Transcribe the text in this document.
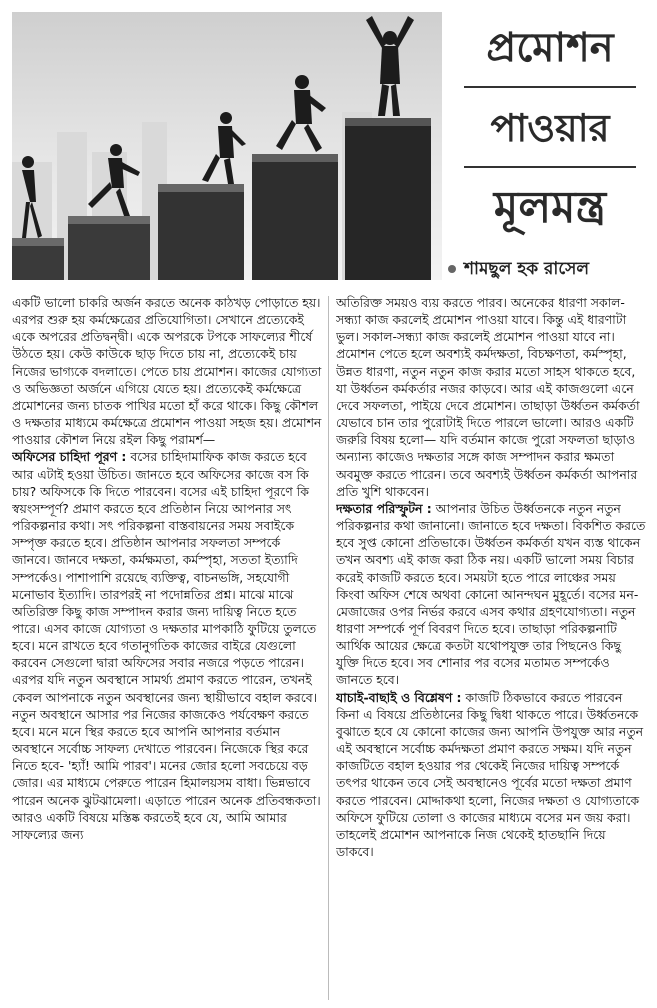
প্রমোশন
পাওয়ার
মূলমন্ত্র
শামছুল হক রাসেল

একটি ভালো চাকরি অর্জন করতে অনেক কাঠখড় পোড়াতে হয়। এরপর শুরু হয় কর্মক্ষেত্রের প্রতিযোগিতা। সেখানে প্রত্যেকেই একে অপরের প্রতিদ্বন্দ্বী। একে অপরকে টপকে সাফল্যের শীর্ষে উঠতে হয়। কেউ কাউকে ছাড় দিতে চায় না, প্রত্যেকেই চায় নিজের ভাগ্যকে বদলাতে। পেতে চায় প্রমোশন। কাজের যোগ্যতা ও অভিজ্ঞতা অর্জনে এগিয়ে যেতে হয়। প্রত্যেকেই কর্মক্ষেত্রে প্রমোশনের জন্য চাতক পাখির মতো হাঁ করে থাকে। কিছু কৌশল ও দক্ষতার মাধ্যমে কর্মক্ষেত্রে প্রমোশন পাওয়া সহজ হয়। প্রমোশন পাওয়ার কৌশল নিয়ে রইল কিছু পরামর্শ—

অফিসের চাহিদা পূরণ : বসের চাহিদামাফিক কাজ করতে হবে আর এটাই হওয়া উচিত। জানতে হবে অফিসের কাজে বস কি চায়? অফিসকে কি দিতে পারবেন। বসের এই চাহিদা পূরণে কি স্বয়ংসম্পূর্ণ? প্রমাণ করতে হবে প্রতিষ্ঠান নিয়ে আপনার সৎ পরিকল্পনার কথা। সৎ পরিকল্পনা বাস্তবায়নের সময় সবাইকে সম্পৃক্ত করতে হবে। প্রতিষ্ঠান আপনার সফলতা সম্পর্কে জানবে। জানবে দক্ষতা, কর্মক্ষমতা, কর্মস্পৃহা, সততা ইত্যাদি সম্পর্কেও। পাশাপাশি রয়েছে ব্যক্তিত্ব, বাচনভঙ্গি, সহযোগী মনোভাব ইত্যাদি। তারপরই না পদোন্নতির প্রশ্ন। মাঝে মাঝে অতিরিক্ত কিছু কাজ সম্পাদন করার জন্য দায়িত্ব নিতে হতে পারে। এসব কাজে যোগ্যতা ও দক্ষতার মাপকাঠি ফুটিয়ে তুলতে হবে। মনে রাখতে হবে গতানুগতিক কাজের বাইরে যেগুলো করবেন সেগুলো দ্বারা অফিসের সবার নজরে পড়তে পারেন। এরপর যদি নতুন অবস্থানে সামর্থ্য প্রমাণ করতে পারেন, তখনই কেবল আপনাকে নতুন অবস্থানের জন্য স্থায়ীভাবে বহাল করবে। নতুন অবস্থানে আসার পর নিজের কাজকেও পর্যবেক্ষণ করতে হবে। মনে মনে স্থির করতে হবে আপনি আপনার বর্তমান অবস্থানে সর্বোচ্চ সাফল্য দেখাতে পারবেন। নিজেকে স্থির করে নিতে হবে- 'হ্যাঁ! আমি পারব'। মনের জোর হলো সবচেয়ে বড় জোর। এর মাধ্যমে পেরুতে পারেন হিমালয়সম বাধা। ভিন্নভাবে পারেন অনেক ঝুটঝামেলা। এড়াতে পারেন অনেক প্রতিবন্ধকতা। আরও একটি বিষয়ে মস্তিষ্ক করতেই হবে যে, আমি আমার সাফল্যের জন্য

অতিরিক্ত সময়ও ব্যয় করতে পারব। অনেকের ধারণা সকাল-সন্ধ্যা কাজ করলেই প্রমোশন পাওয়া যাবে। কিন্তু এই ধারণাটা ভুল। সকাল-সন্ধ্যা কাজ করলেই প্রমোশন পাওয়া যাবে না। প্রমোশন পেতে হলে অবশ্যই কর্মদক্ষতা, বিচক্ষণতা, কর্মস্পৃহা, উন্নত ধারণা, নতুন নতুন কাজ করার মতো সাহস থাকতে হবে, যা উর্ধ্বতন কর্মকর্তার নজর কাড়বে। আর এই কাজগুলো এনে দেবে সফলতা, পাইয়ে দেবে প্রমোশন। তাছাড়া উর্ধ্বতন কর্মকর্তা যেভাবে চান তার পুরোটাই দিতে পারলে ভালো। আরও একটি জরুরি বিষয় হলো— যদি বর্তমান কাজে পুরো সফলতা ছাড়াও অন্যান্য কাজেও দক্ষতার সঙ্গে কাজ সম্পাদন করার ক্ষমতা অবমুক্ত করতে পারেন। তবে অবশ্যই উর্ধ্বতন কর্মকর্তা আপনার প্রতি খুশি থাকবেন।

দক্ষতার পরিস্ফুটন : আপনার উচিত উর্ধ্বতনকে নতুন নতুন পরিকল্পনার কথা জানানো। জানাতে হবে দক্ষতা। বিকশিত করতে হবে সুপ্ত কোনো প্রতিভাকে। উর্ধ্বতন কর্মকর্তা যখন ব্যস্ত থাকেন তখন অবশ্য এই কাজ করা ঠিক নয়। একটি ভালো সময় বিচার করেই কাজটি করতে হবে। সময়টা হতে পারে লাঞ্চের সময় কিংবা অফিস শেষে অথবা কোনো আনন্দঘন মুহূর্তে। বসের মন-মেজাজের ওপর নির্ভর করবে এসব কথার গ্রহণযোগ্যতা। নতুন ধারণা সম্পর্কে পূর্ণ বিবরণ দিতে হবে। তাছাড়া পরিকল্পনাটি আর্থিক আয়ের ক্ষেত্রে কতটা যথোপযুক্ত তার পিছনেও কিছু যুক্তি দিতে হবে। সব শোনার পর বসের মতামত সম্পর্কেও জানতে হবে।

যাচাই-বাছাই ও বিশ্লেষণ : কাজটি ঠিকভাবে করতে পারবেন কিনা এ বিষয়ে প্রতিষ্ঠানের কিছু দ্বিধা থাকতে পারে। উর্ধ্বতনকে বুঝাতে হবে যে কোনো কাজের জন্য আপনি উপযুক্ত আর নতুন এই অবস্থানে সর্বোচ্চ কর্মদক্ষতা প্রমাণ করতে সক্ষম। যদি নতুন কাজটিতে বহাল হওয়ার পর থেকেই নিজের দায়িত্ব সম্পর্কে তৎপর থাকেন তবে সেই অবস্থানেও পূর্বের মতো দক্ষতা প্রমাণ করতে পারবেন। মোদ্দাকথা হলো, নিজের দক্ষতা ও যোগ্যতাকে অফিসে ফুটিয়ে তোলা ও কাজের মাধ্যমে বসের মন জয় করা। তাহলেই প্রমোশন আপনাকে নিজ থেকেই হাতছানি দিয়ে ডাকবে।
